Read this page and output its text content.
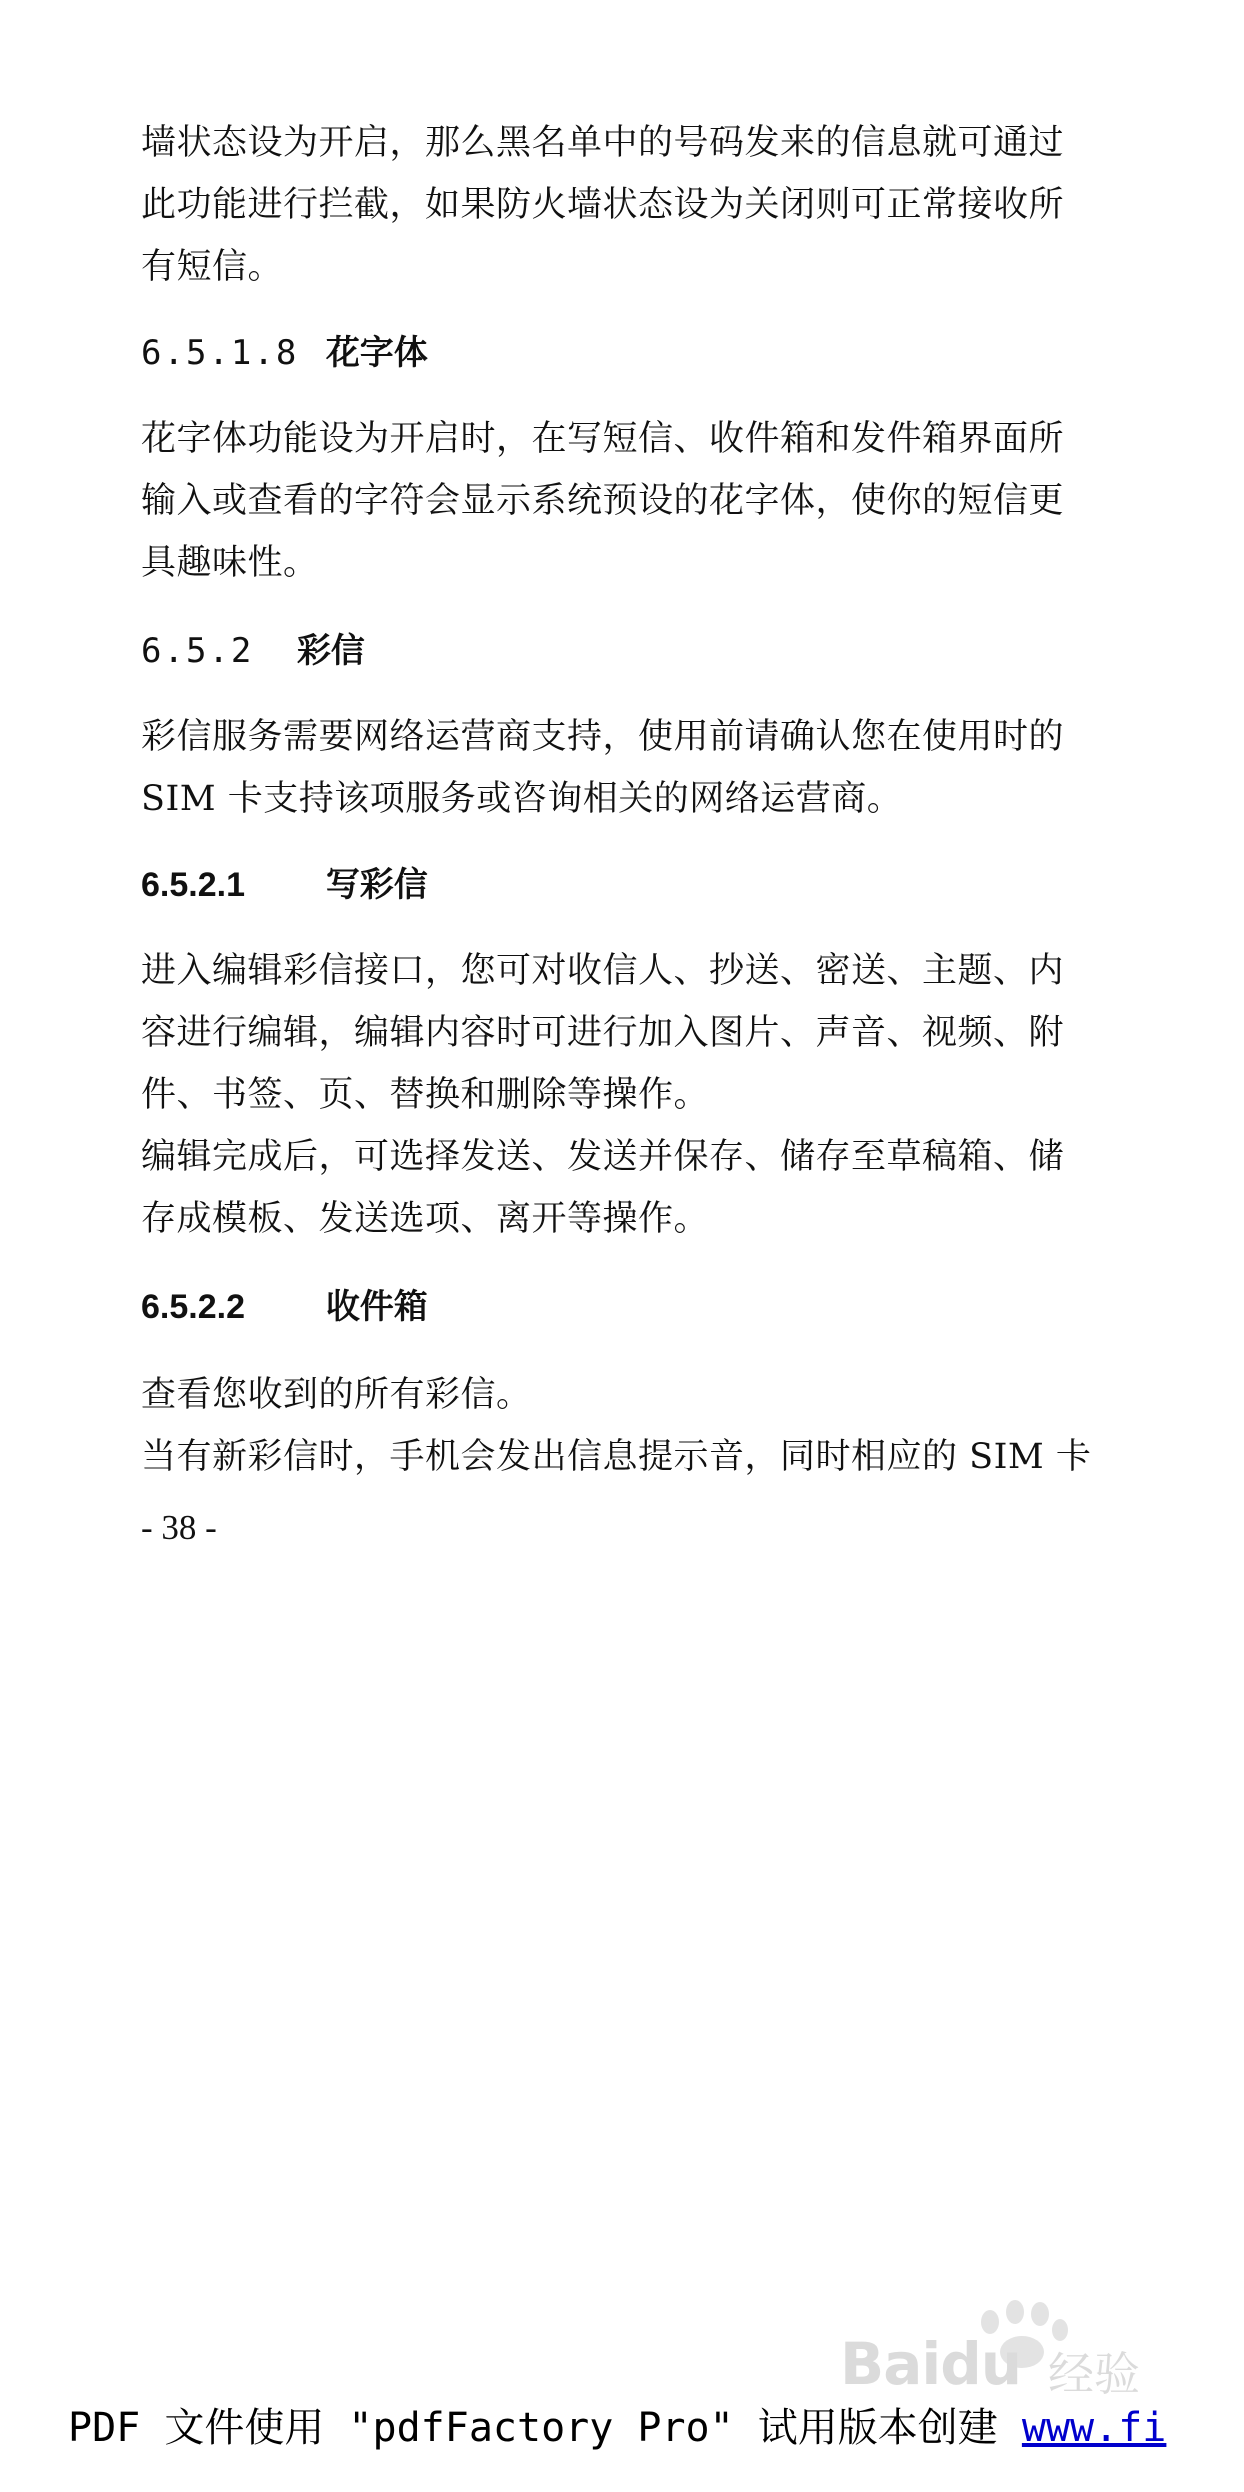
墙状态设为开启，那么黑名单中的号码发来的信息就可通过
此功能进行拦截，如果防火墙状态设为关闭则可正常接收所
有短信。
6.5.1.8 花字体
花字体功能设为开启时，在写短信、收件箱和发件箱界面所
输入或查看的字符会显示系统预设的花字体，使你的短信更
具趣味性。
6.5.2 彩信
彩信服务需要网络运营商支持，使用前请确认您在使用时的
SIM 卡支持该项服务或咨询相关的网络运营商。
6.5.2.1 写彩信
进入编辑彩信接口，您可对收信人、抄送、密送、主题、内
容进行编辑，编辑内容时可进行加入图片、声音、视频、附
件、书签、页、替换和删除等操作。
编辑完成后，可选择发送、发送并保存、储存至草稿箱、储
存成模板、发送选项、离开等操作。
6.5.2.2 收件箱
查看您收到的所有彩信。
当有新彩信时，手机会发出信息提示音，同时相应的 SIM 卡
- 38 -
Baidu 经验
PDF 文件使用 "pdfFactory Pro" 试用版本创建 www.fi
